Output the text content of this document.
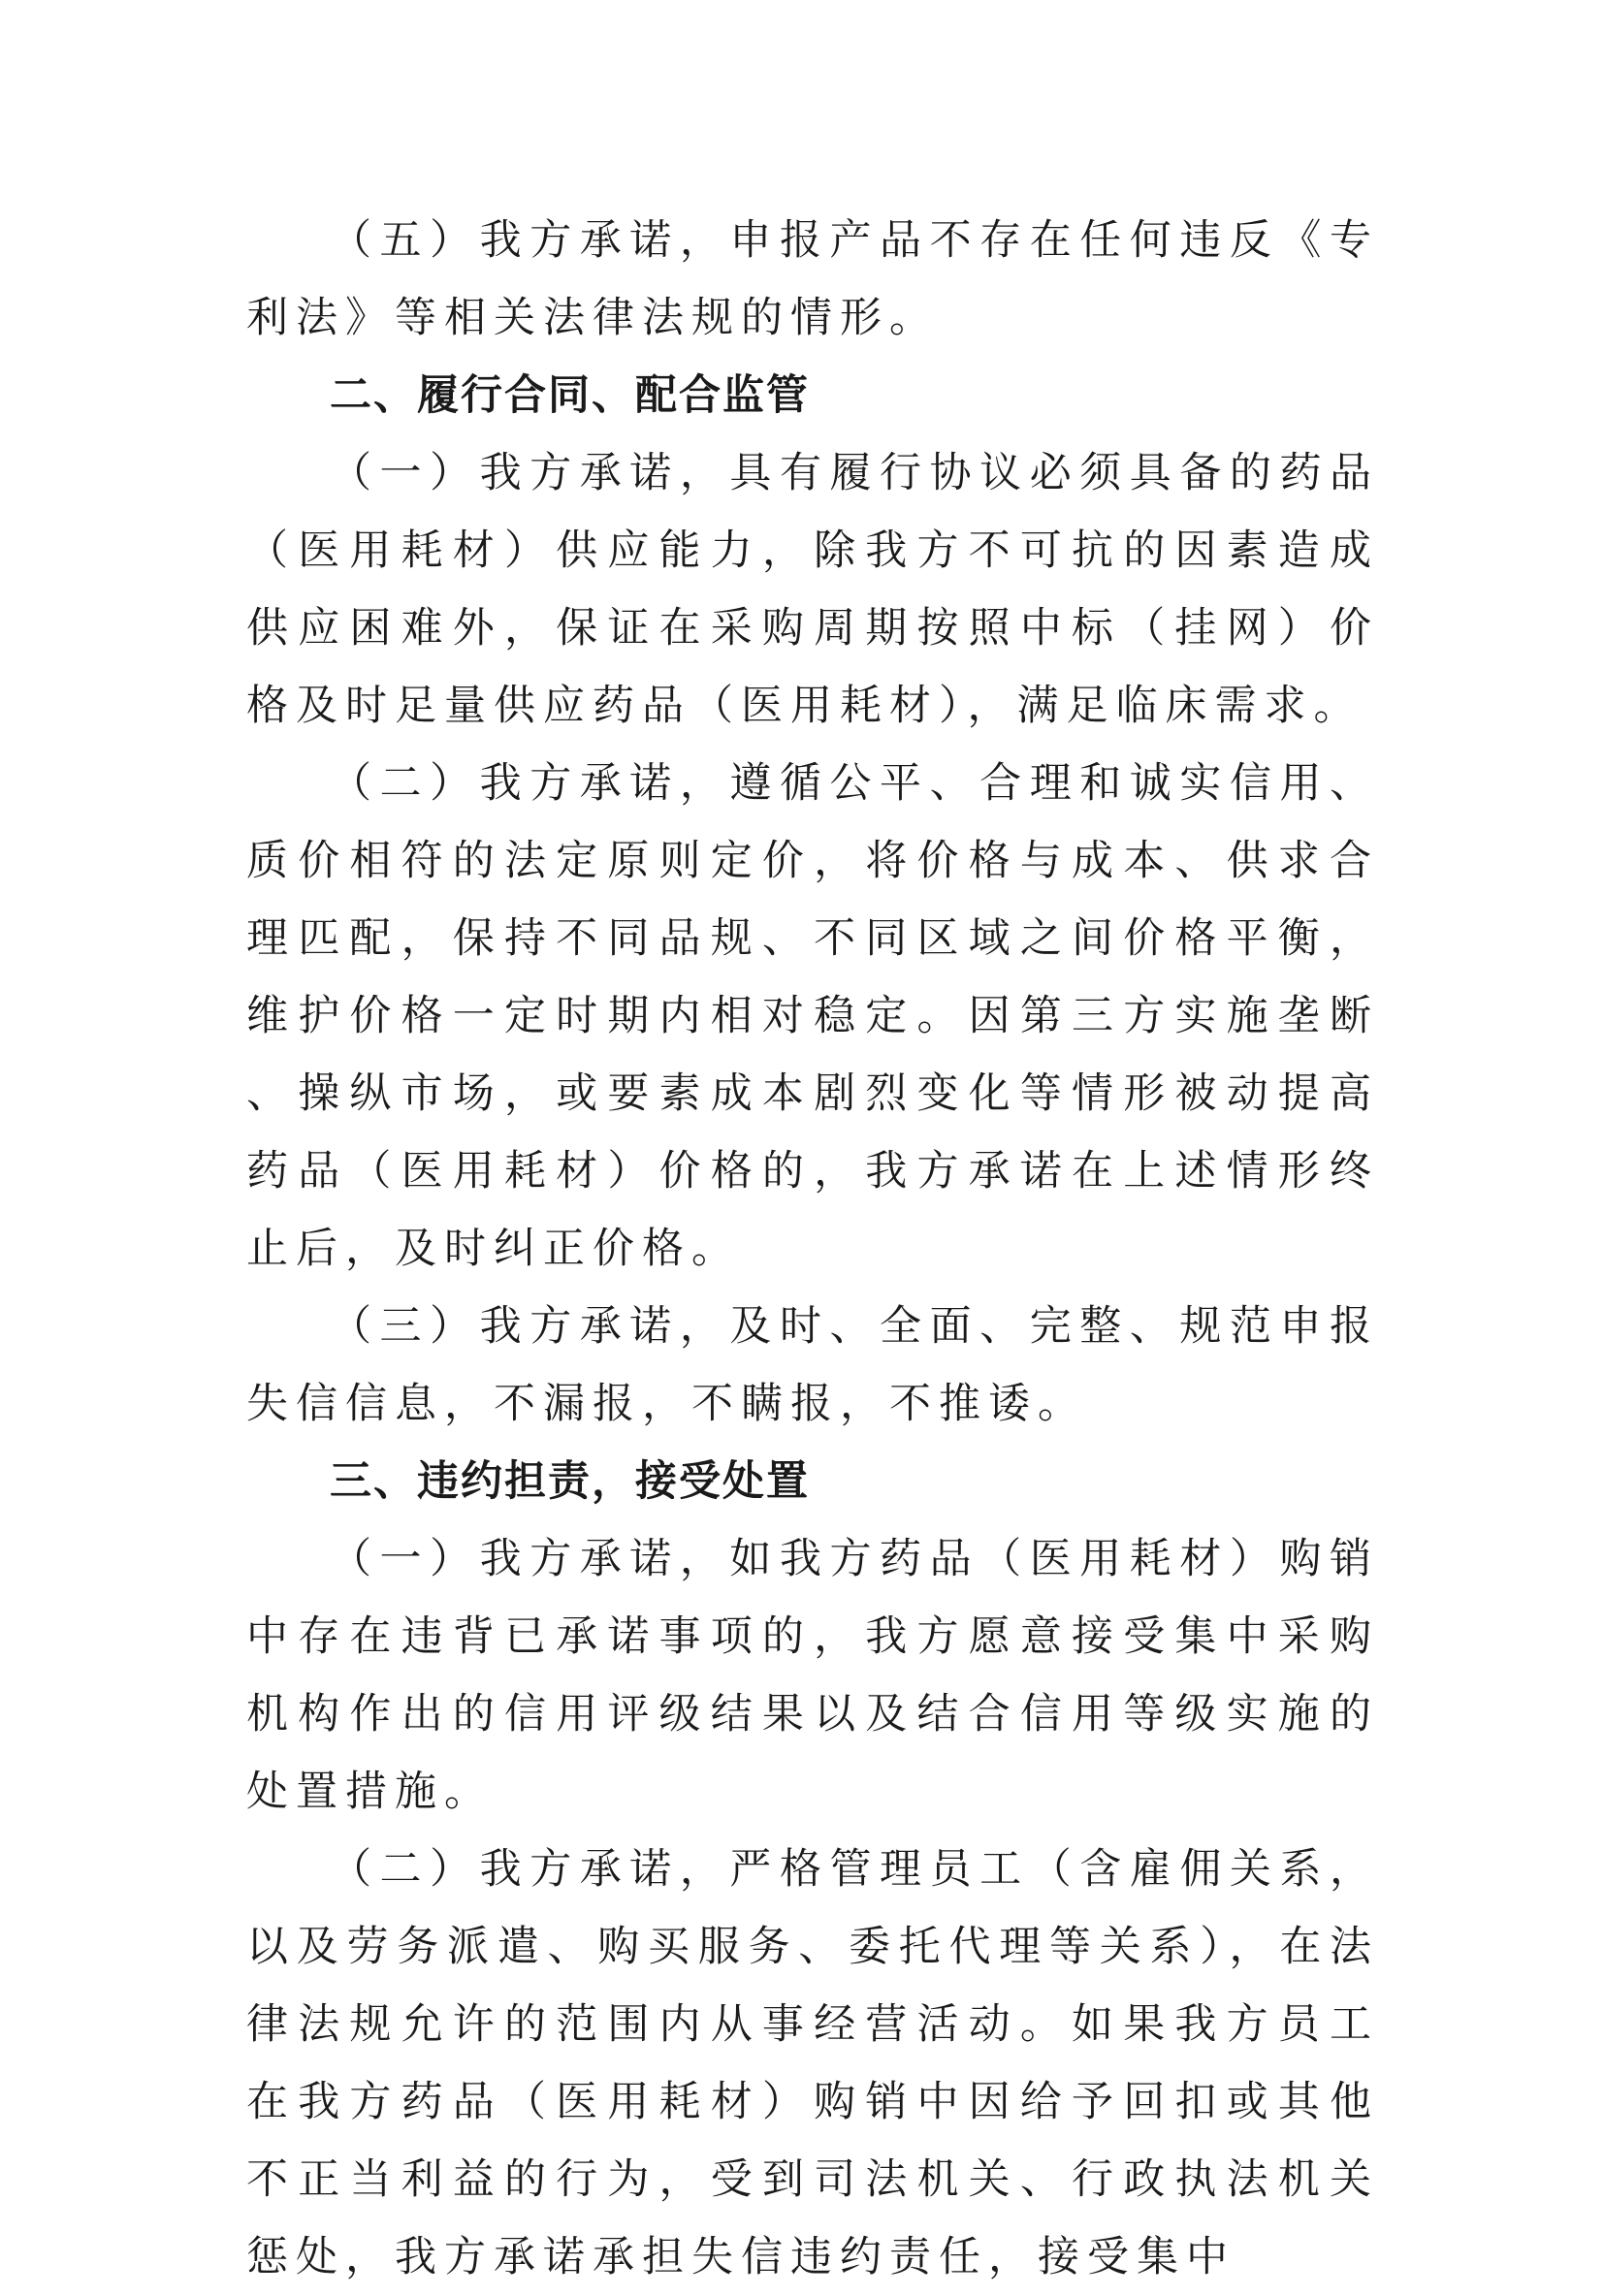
（五）我方承诺，申报产品不存在任何违反《专利法》等相关法律法规的情形。

二、履行合同、配合监管

（一）我方承诺，具有履行协议必须具备的药品（医用耗材）供应能力，除我方不可抗的因素造成供应困难外，保证在采购周期按照中标（挂网）价格及时足量供应药品（医用耗材），满足临床需求。

（二）我方承诺，遵循公平、合理和诚实信用、质价相符的法定原则定价，将价格与成本、供求合理匹配，保持不同品规、不同区域之间价格平衡，维护价格一定时期内相对稳定。因第三方实施垄断、操纵市场，或要素成本剧烈变化等情形被动提高药品（医用耗材）价格的，我方承诺在上述情形终止后，及时纠正价格。

（三）我方承诺，及时、全面、完整、规范申报失信信息，不漏报，不瞒报，不推诿。

三、违约担责，接受处置

（一）我方承诺，如我方药品（医用耗材）购销中存在违背已承诺事项的，我方愿意接受集中采购机构作出的信用评级结果以及结合信用等级实施的处置措施。

（二）我方承诺，严格管理员工（含雇佣关系，以及劳务派遣、购买服务、委托代理等关系），在法律法规允许的范围内从事经营活动。如果我方员工在我方药品（医用耗材）购销中因给予回扣或其他不正当利益的行为，受到司法机关、行政执法机关惩处，我方承诺承担失信违约责任，接受集中
